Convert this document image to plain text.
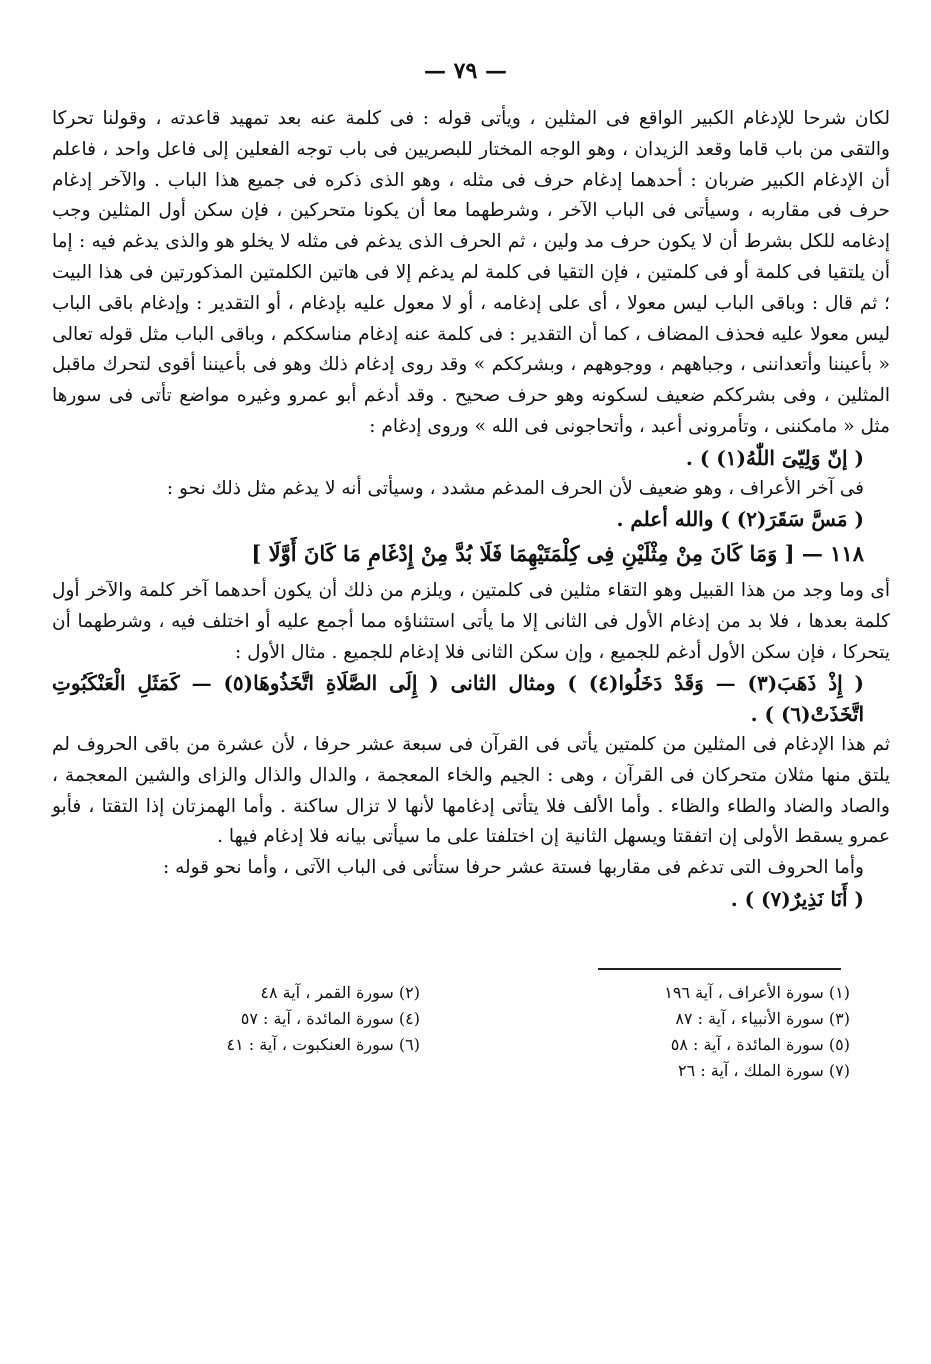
— ٧٩ —

لكان شرحا للإدغام الكبير الواقع فى المثلين ، ويأتى قوله : فى كلمة عنه بعد تمهيد قاعدته ، وقولنا تحركا والتقى من باب قاما وقعد الزيدان ، وهو الوجه المختار للبصريين فى باب توجه الفعلين إلى فاعل واحد ، فاعلم أن الإدغام الكبير ضربان : أحدهما إدغام حرف فى مثله ، وهو الذى ذكره فى جميع هذا الباب . والآخر إدغام حرف فى مقاربه ، وسيأتى فى الباب الآخر ، وشرطهما معا أن يكونا متحركين ، فإن سكن أول المثلين وجب إدغامه للكل بشرط أن لا يكون حرف مد ولين ، ثم الحرف الذى يدغم فى مثله لا يخلو هو والذى يدغم فيه : إما أن يلتقيا فى كلمة أو فى كلمتين ، فإن التقيا فى كلمة لم يدغم إلا فى هاتين الكلمتين المذكورتين فى هذا البيت ؛ ثم قال : وباقى الباب ليس معولا ، أى على إدغامه ، أو لا معول عليه بإدغام ، أو التقدير : وإدغام باقى الباب ليس معولا عليه فحذف المضاف ، كما أن التقدير : فى كلمة عنه إدغام مناسككم ، وباقى الباب مثل قوله تعالى « بأعيننا وأتعداننى ، وجباههم ، ووجوههم ، وبشرككم » وقد روى إدغام ذلك وهو فى بأعيننا أقوى لتحرك ماقبل المثلين ، وفى بشرككم ضعيف لسكونه وهو حرف صحيح . وقد أدغم أبو عمرو وغيره مواضع تأتى فى سورها مثل « مامكننى ، وتأمرونى أعبد ، وأتحاجونى فى الله » وروى إدغام :

( إنّ وَلِيّىَ اللّٰهُ(١) ) .

فى آخر الأعراف ، وهو ضعيف لأن الحرف المدغم مشدد ، وسيأتى أنه لا يدغم مثل ذلك نحو :

( مَسَّ سَقَرَ(٢) ) والله أعلم .

١١٨ — [ وَمَا كَانَ مِنْ مِثْلَيْنِ فِى كِلْمَتَيْهِمَا فَلَا بُدَّ مِنْ إِدْغَامِ مَا كَانَ أَوَّلَا ]

أى وما وجد من هذا القبيل وهو التقاء مثلين فى كلمتين ، ويلزم من ذلك أن يكون أحدهما آخر كلمة والآخر أول كلمة بعدها ، فلا بد من إدغام الأول فى الثانى إلا ما يأتى استثناؤه مما أجمع عليه أو اختلف فيه ، وشرطهما أن يتحركا ، فإن سكن الأول أدغم للجميع ، وإن سكن الثانى فلا إدغام للجميع . مثال الأول :

( إِذْ ذَهَبَ(٣) — وَقَدْ دَخَلُوا(٤) ) ومثال الثانى ( إِلَى الصَّلَاةِ اتَّخَذُوهَا(٥) — كَمَثَلِ الْعَنْكَبُوتِ اتَّخَذَتْ(٦) ) .

ثم هذا الإدغام فى المثلين من كلمتين يأتى فى القرآن فى سبعة عشر حرفا ، لأن عشرة من باقى الحروف لم يلتق منها مثلان متحركان فى القرآن ، وهى : الجيم والخاء المعجمة ، والدال والذال والزاى والشين المعجمة ، والصاد والضاد والطاء والظاء . وأما الألف فلا يتأتى إدغامها لأنها لا تزال ساكنة . وأما الهمزتان إذا التقتا ، فأبو عمرو يسقط الأولى إن اتفقتا ويسهل الثانية إن اختلفتا على ما سيأتى بيانه فلا إدغام فيها .

وأما الحروف التى تدغم فى مقاربها فستة عشر حرفا ستأتى فى الباب الآتى ، وأما نحو قوله :

( أَنَا نَذِيرٌ(٧) ) .

(١) سورة الأعراف ، آية ١٩٦
(٢) سورة القمر ، آية ٤٨
(٣) سورة الأنبياء ، آية : ٨٧
(٤) سورة المائدة ، آية : ٥٧
(٥) سورة المائدة ، آية : ٥٨
(٦) سورة العنكبوت ، آية : ٤١
(٧) سورة الملك ، آية : ٢٦
